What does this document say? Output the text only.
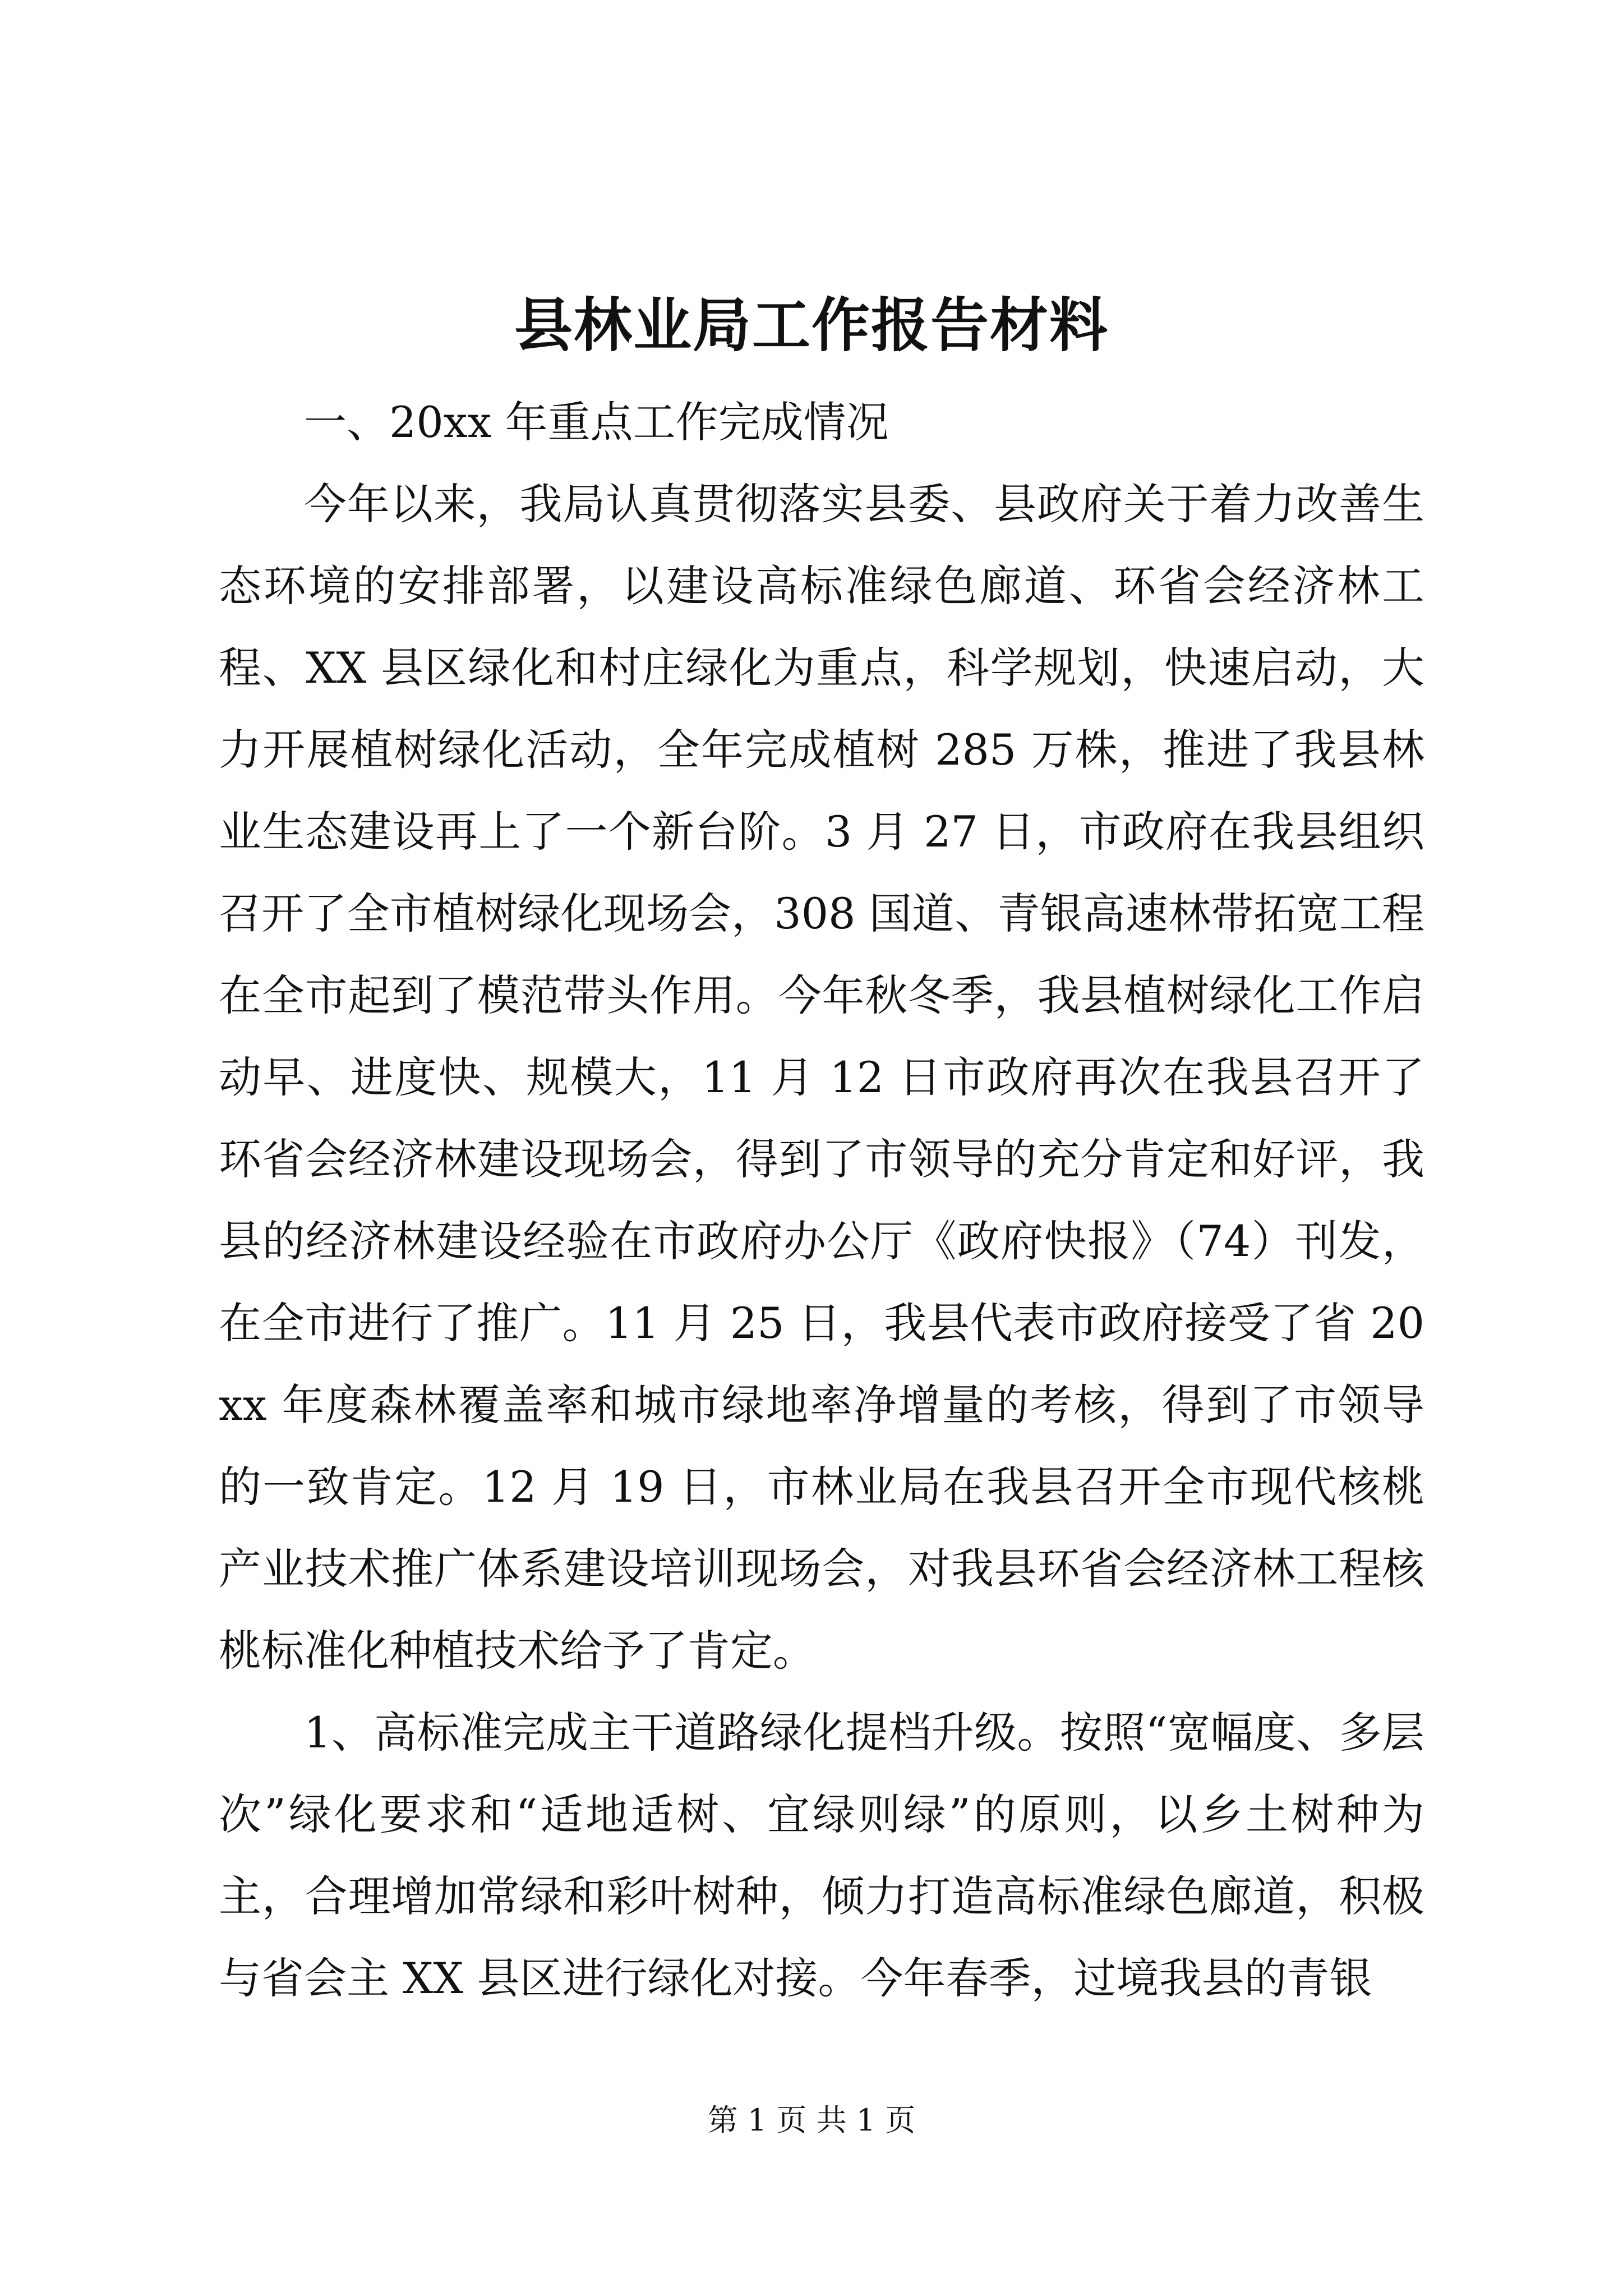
县林业局工作报告材料

一、20xx 年重点工作完成情况

今年以来，我局认真贯彻落实县委、县政府关于着力改善生态环境的安排部署，以建设高标准绿色廊道、环省会经济林工程、XX 县区绿化和村庄绿化为重点，科学规划，快速启动，大力开展植树绿化活动，全年完成植树 285 万株，推进了我县林业生态建设再上了一个新台阶。3 月 27 日，市政府在我县组织召开了全市植树绿化现场会，308 国道、青银高速林带拓宽工程在全市起到了模范带头作用。今年秋冬季，我县植树绿化工作启动早、进度快、规模大，11 月 12 日市政府再次在我县召开了环省会经济林建设现场会，得到了市领导的充分肯定和好评，我县的经济林建设经验在市政府办公厅《政府快报》（74）刊发，在全市进行了推广。11 月 25 日，我县代表市政府接受了省 20xx 年度森林覆盖率和城市绿地率净增量的考核，得到了市领导的一致肯定。12 月 19 日，市林业局在我县召开全市现代核桃产业技术推广体系建设培训现场会，对我县环省会经济林工程核桃标准化种植技术给予了肯定。

1、高标准完成主干道路绿化提档升级。按照“宽幅度、多层次”绿化要求和“适地适树、宜绿则绿”的原则，以乡土树种为主，合理增加常绿和彩叶树种，倾力打造高标准绿色廊道，积极与省会主 XX 县区进行绿化对接。今年春季，过境我县的青银

第 1 页 共 1 页
